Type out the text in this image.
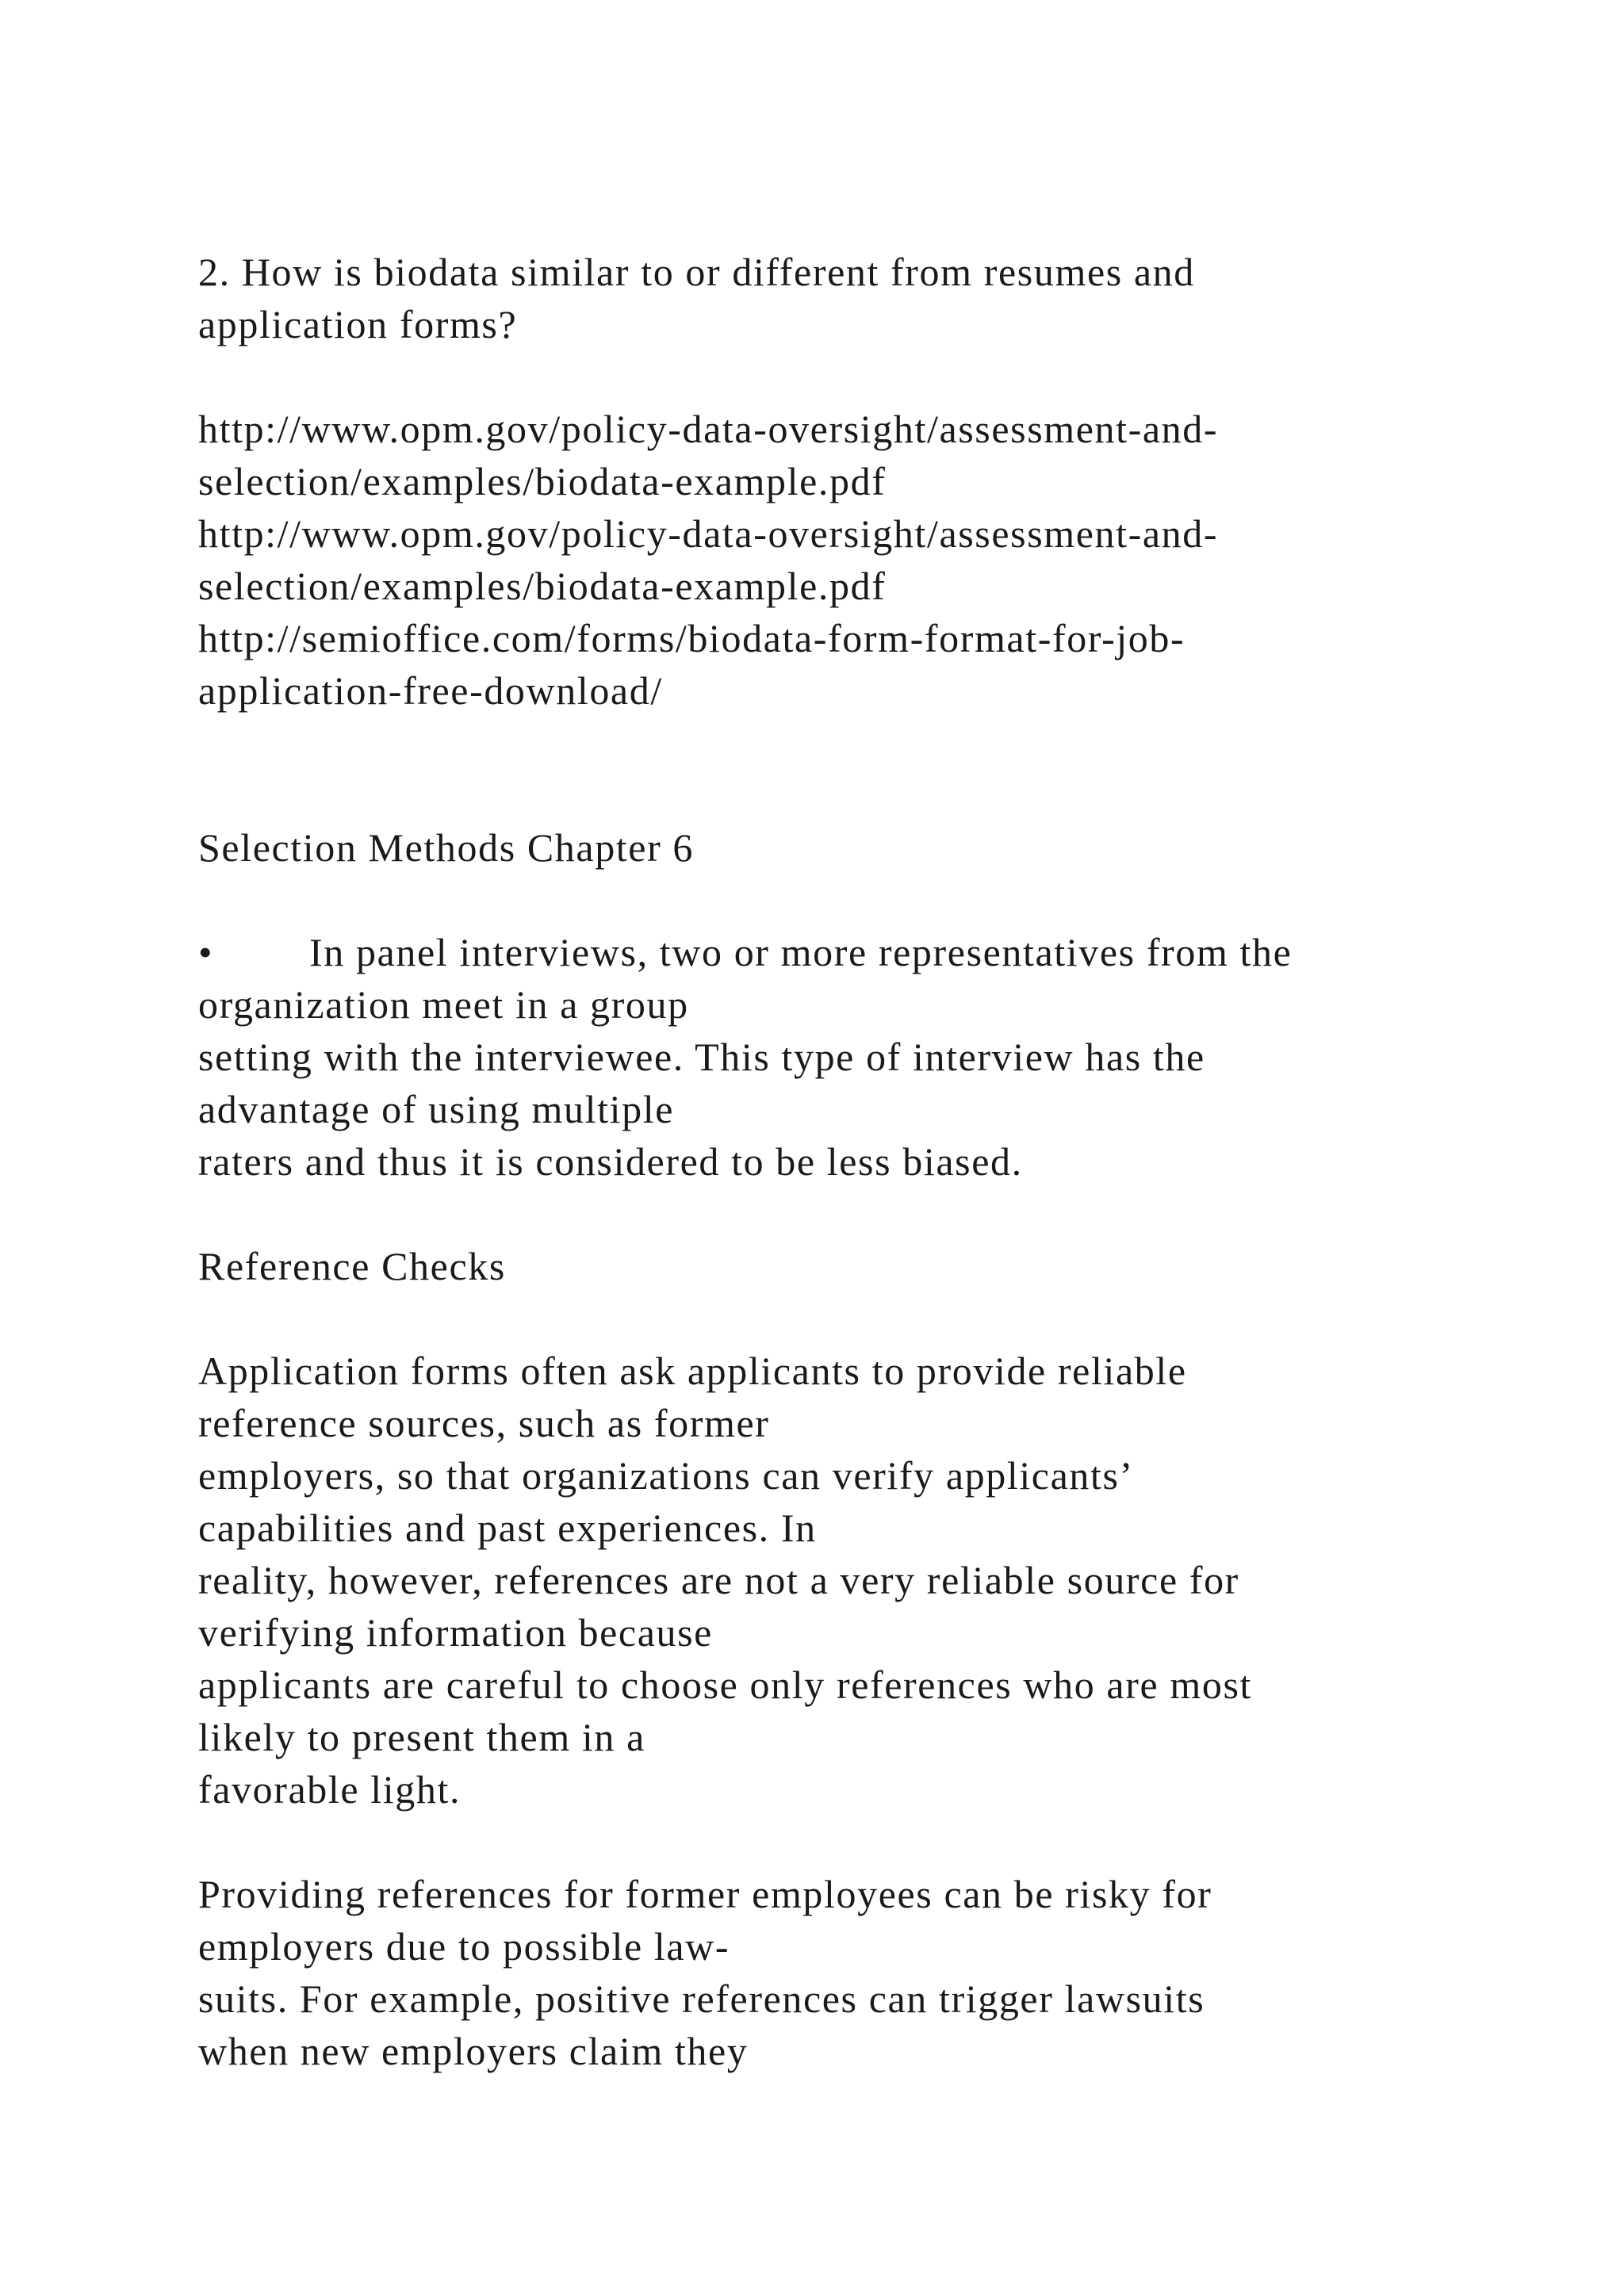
2. How is biodata similar to or different from resumes and
application forms?
http://www.opm.gov/policy-data-oversight/assessment-and-
selection/examples/biodata-example.pdf
http://www.opm.gov/policy-data-oversight/assessment-and-
selection/examples/biodata-example.pdf
http://semioffice.com/forms/biodata-form-format-for-job-
application-free-download/
Selection Methods Chapter 6
• In panel interviews, two or more representatives from the
organization meet in a group
setting with the interviewee. This type of interview has the
advantage of using multiple
raters and thus it is considered to be less biased.
Reference Checks
Application forms often ask applicants to provide reliable
reference sources, such as former
employers, so that organizations can verify applicants’
capabilities and past experiences. In
reality, however, references are not a very reliable source for
verifying information because
applicants are careful to choose only references who are most
likely to present them in a
favorable light.
Providing references for former employees can be risky for
employers due to possible law-
suits. For example, positive references can trigger lawsuits
when new employers claim they
